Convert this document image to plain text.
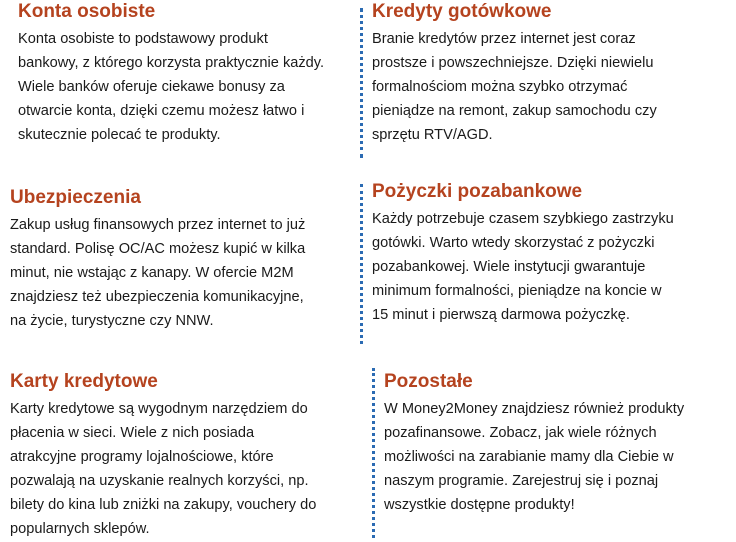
Konta osobiste
Konta osobiste to podstawowy produkt
bankowy, z którego korzysta praktycznie każdy.
Wiele banków oferuje ciekawe bonusy za
otwarcie konta, dzięki czemu możesz łatwo i
skutecznie polecać te produkty.
Kredyty gotówkowe
Branie kredytów przez internet jest coraz
prostsze i powszechniejsze. Dzięki niewielu
formalnościom można szybko otrzymać
pieniądze na remont, zakup samochodu czy
sprzętu RTV/AGD.
Ubezpieczenia
Zakup usług finansowych przez internet to już
standard. Polisę OC/AC możesz kupić w kilka
minut, nie wstając z kanapy. W ofercie M2M
znajdziesz też ubezpieczenia komunikacyjne,
na życie, turystyczne czy NNW.
Pożyczki pozabankowe
Każdy potrzebuje czasem szybkiego zastrzyku
gotówki. Warto wtedy skorzystać z pożyczki
pozabankowej. Wiele instytucji gwarantuje
minimum formalności, pieniądze na koncie w
15 minut i pierwszą darmowa pożyczkę.
Karty kredytowe
Karty kredytowe są wygodnym narzędziem do
płacenia w sieci. Wiele z nich posiada
atrakcyjne programy lojalnościowe, które
pozwalają na uzyskanie realnych korzyści, np.
bilety do kina lub zniżki na zakupy, vouchery do
popularnych sklepów.
Pozostałe
W Money2Money znajdziesz również produkty
pozafinansowe. Zobacz, jak wiele różnych
możliwości na zarabianie mamy dla Ciebie w
naszym programie. Zarejestruj się i poznaj
wszystkie dostępne produkty!
